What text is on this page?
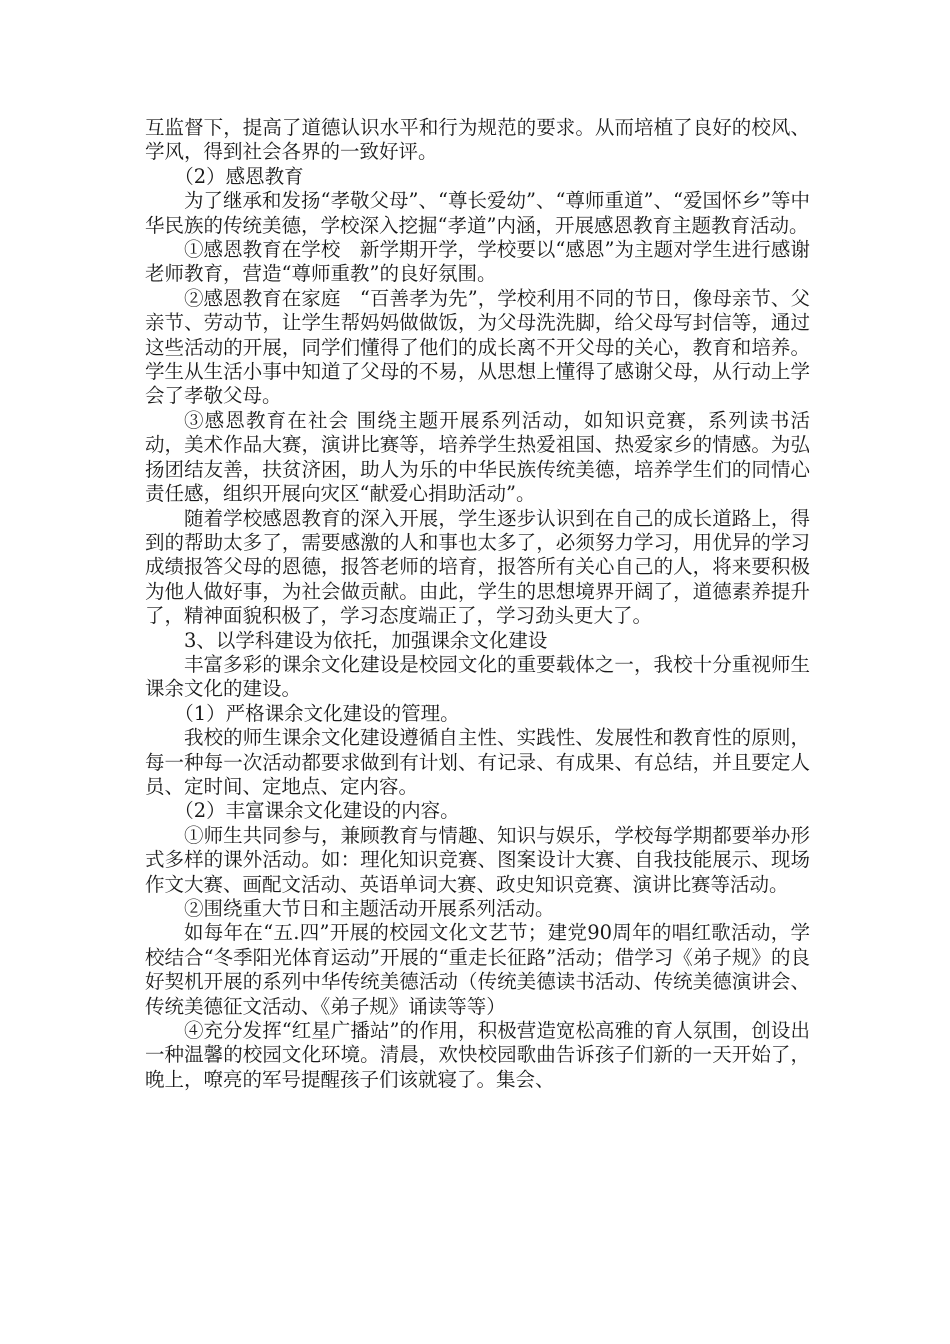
互监督下，提高了道德认识水平和行为规范的要求。从而培植了良好的校风、学风，得到社会各界的一致好评。

（2）感恩教育

为了继承和发扬“孝敬父母”、“尊长爱幼”、“尊师重道”、“爱国怀乡”等中华民族的传统美德，学校深入挖掘“孝道”内涵，开展感恩教育主题教育活动。

①感恩教育在学校　新学期开学，学校要以“感恩”为主题对学生进行感谢老师教育，营造“尊师重教”的良好氛围。

②感恩教育在家庭　“百善孝为先”，学校利用不同的节日，像母亲节、父亲节、劳动节，让学生帮妈妈做做饭，为父母洗洗脚，给父母写封信等，通过这些活动的开展，同学们懂得了他们的成长离不开父母的关心，教育和培养。学生从生活小事中知道了父母的不易，从思想上懂得了感谢父母，从行动上学会了孝敬父母。

③感恩教育在社会 围绕主题开展系列活动，如知识竞赛，系列读书活动，美术作品大赛，演讲比赛等，培养学生热爱祖国、热爱家乡的情感。为弘扬团结友善，扶贫济困，助人为乐的中华民族传统美德，培养学生们的同情心责任感，组织开展向灾区“献爱心捐助活动”。

随着学校感恩教育的深入开展，学生逐步认识到在自己的成长道路上，得到的帮助太多了，需要感激的人和事也太多了，必须努力学习，用优异的学习成绩报答父母的恩德，报答老师的培育，报答所有关心自己的人，将来要积极为他人做好事，为社会做贡献。由此，学生的思想境界开阔了，道德素养提升了，精神面貌积极了，学习态度端正了，学习劲头更大了。

3、以学科建设为依托，加强课余文化建设

丰富多彩的课余文化建设是校园文化的重要载体之一，我校十分重视师生课余文化的建设。

（1）严格课余文化建设的管理。

我校的师生课余文化建设遵循自主性、实践性、发展性和教育性的原则，每一种每一次活动都要求做到有计划、有记录、有成果、有总结，并且要定人员、定时间、定地点、定内容。

（2）丰富课余文化建设的内容。

①师生共同参与，兼顾教育与情趣、知识与娱乐，学校每学期都要举办形式多样的课外活动。如：理化知识竞赛、图案设计大赛、自我技能展示、现场作文大赛、画配文活动、英语单词大赛、政史知识竞赛、演讲比赛等活动。

②围绕重大节日和主题活动开展系列活动。

如每年在“五.四”开展的校园文化文艺节；建党90周年的唱红歌活动，学校结合“冬季阳光体育运动”开展的“重走长征路”活动；借学习《弟子规》的良好契机开展的系列中华传统美德活动（传统美德读书活动、传统美德演讲会、传统美德征文活动、《弟子规》诵读等等）

④充分发挥“红星广播站”的作用，积极营造宽松高雅的育人氛围，创设出一种温馨的校园文化环境。清晨，欢快校园歌曲告诉孩子们新的一天开始了，晚上，嘹亮的军号提醒孩子们该就寝了。集会、
